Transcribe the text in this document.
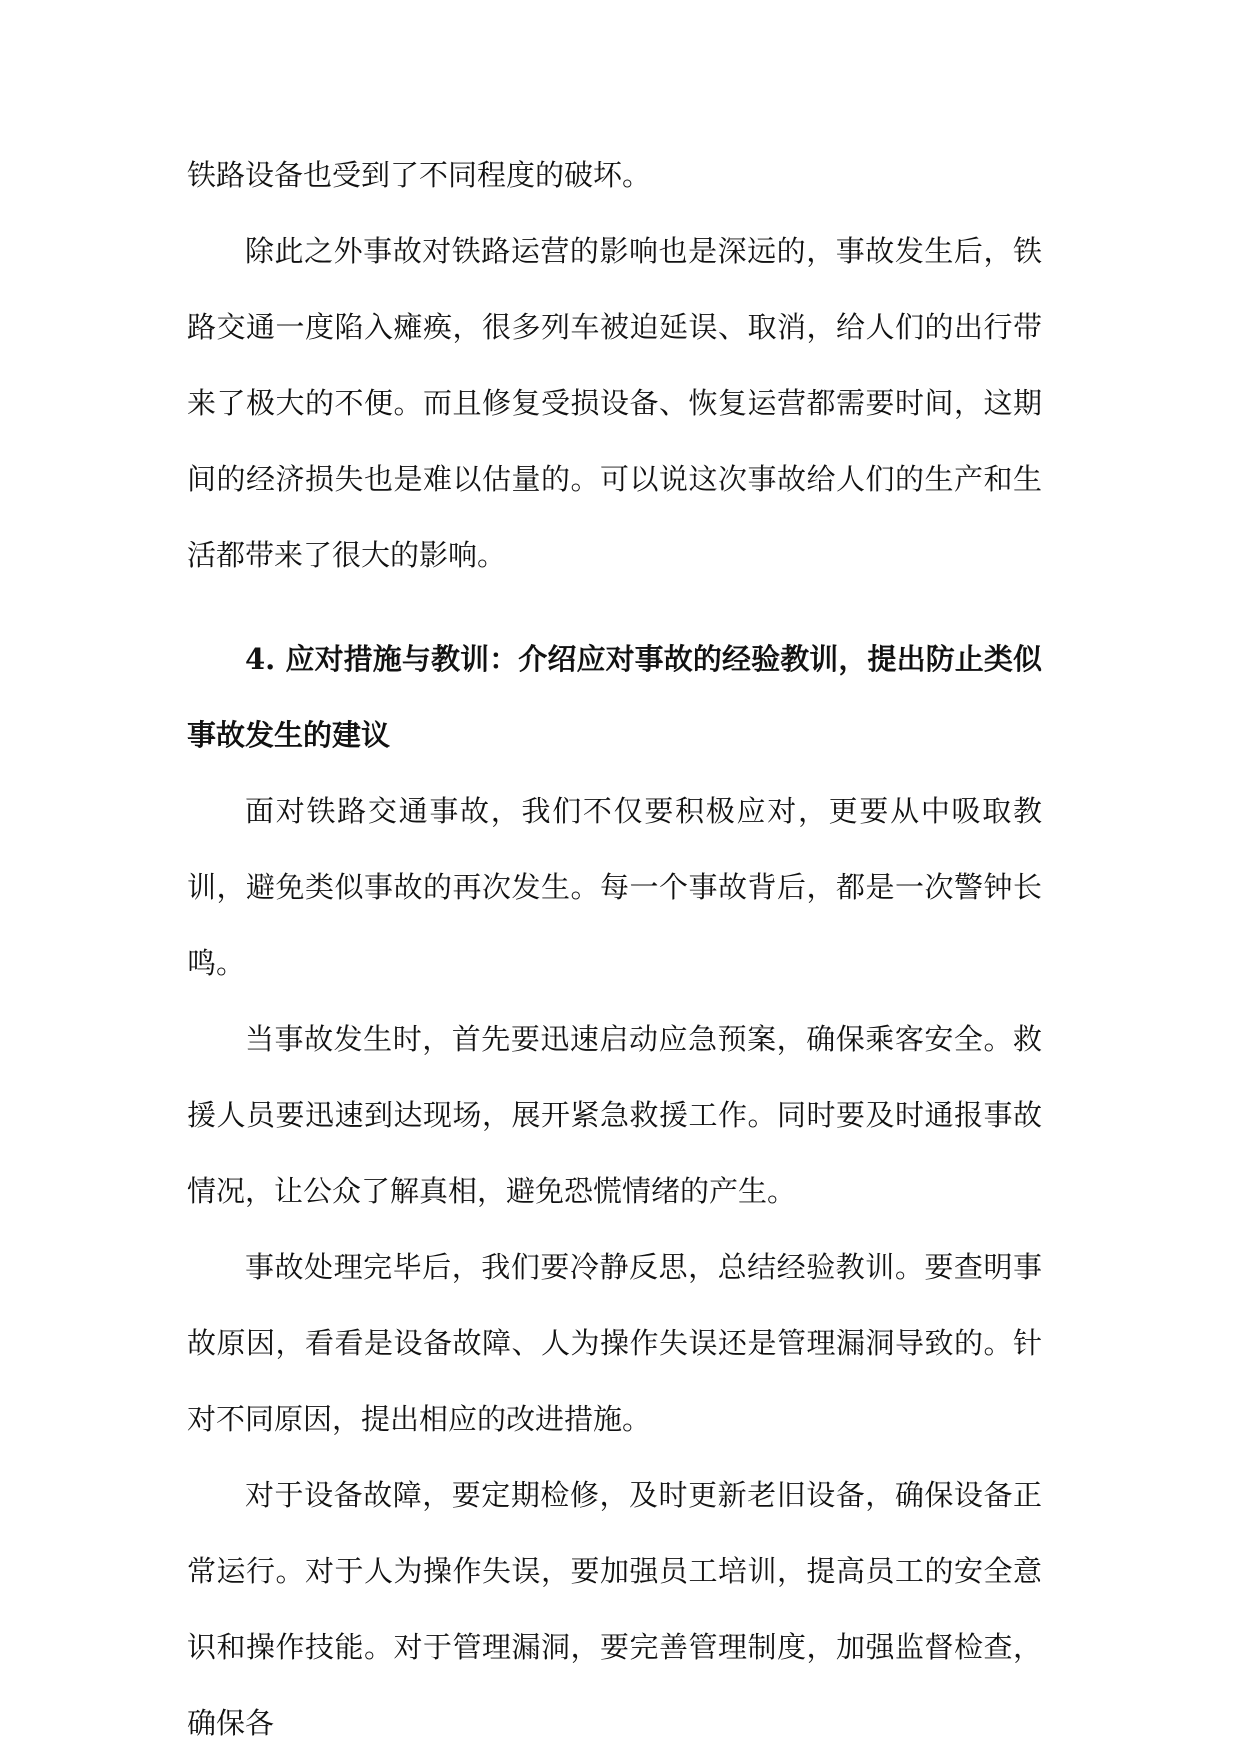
铁路设备也受到了不同程度的破坏。

除此之外事故对铁路运营的影响也是深远的，事故发生后，铁路交通一度陷入瘫痪，很多列车被迫延误、取消，给人们的出行带来了极大的不便。而且修复受损设备、恢复运营都需要时间，这期间的经济损失也是难以估量的。可以说这次事故给人们的生产和生活都带来了很大的影响。

4. 应对措施与教训：介绍应对事故的经验教训，提出防止类似事故发生的建议

面对铁路交通事故，我们不仅要积极应对，更要从中吸取教训，避免类似事故的再次发生。每一个事故背后，都是一次警钟长鸣。

当事故发生时，首先要迅速启动应急预案，确保乘客安全。救援人员要迅速到达现场，展开紧急救援工作。同时要及时通报事故情况，让公众了解真相，避免恐慌情绪的产生。

事故处理完毕后，我们要冷静反思，总结经验教训。要查明事故原因，看看是设备故障、人为操作失误还是管理漏洞导致的。针对不同原因，提出相应的改进措施。

对于设备故障，要定期检修，及时更新老旧设备，确保设备正常运行。对于人为操作失误，要加强员工培训，提高员工的安全意识和操作技能。对于管理漏洞，要完善管理制度，加强监督检查，确保各
